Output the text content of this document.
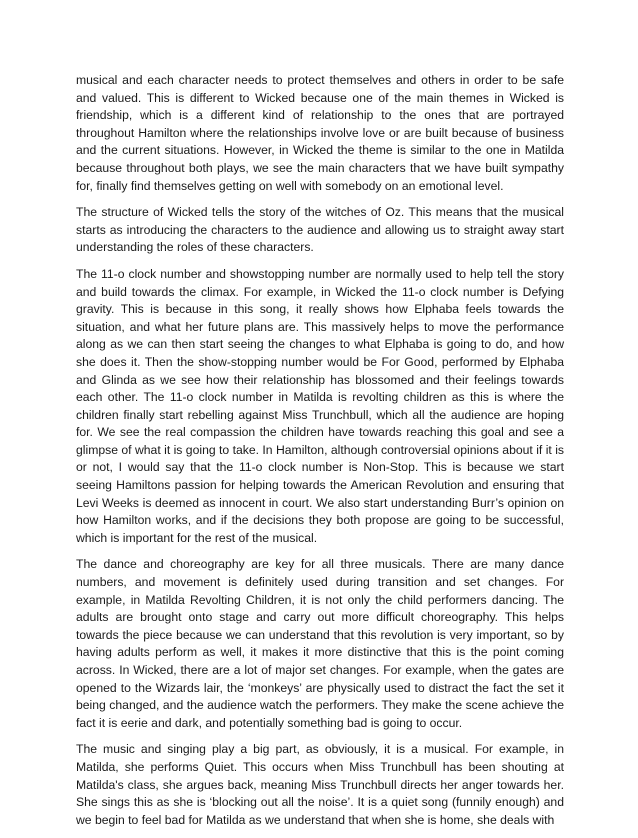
musical and each character needs to protect themselves and others in order to be safe and valued. This is different to Wicked because one of the main themes in Wicked is friendship, which is a different kind of relationship to the ones that are portrayed throughout Hamilton where the relationships involve love or are built because of business and the current situations. However, in Wicked the theme is similar to the one in Matilda because throughout both plays, we see the main characters that we have built sympathy for, finally find themselves getting on well with somebody on an emotional level.

The structure of Wicked tells the story of the witches of Oz. This means that the musical starts as introducing the characters to the audience and allowing us to straight away start understanding the roles of these characters.

The 11-o clock number and showstopping number are normally used to help tell the story and build towards the climax. For example, in Wicked the 11-o clock number is Defying gravity. This is because in this song, it really shows how Elphaba feels towards the situation, and what her future plans are. This massively helps to move the performance along as we can then start seeing the changes to what Elphaba is going to do, and how she does it. Then the show-stopping number would be For Good, performed by Elphaba and Glinda as we see how their relationship has blossomed and their feelings towards each other. The 11-o clock number in Matilda is revolting children as this is where the children finally start rebelling against Miss Trunchbull, which all the audience are hoping for. We see the real compassion the children have towards reaching this goal and see a glimpse of what it is going to take. In Hamilton, although controversial opinions about if it is or not, I would say that the 11-o clock number is Non-Stop. This is because we start seeing Hamiltons passion for helping towards the American Revolution and ensuring that Levi Weeks is deemed as innocent in court. We also start understanding Burr’s opinion on how Hamilton works, and if the decisions they both propose are going to be successful, which is important for the rest of the musical.

The dance and choreography are key for all three musicals. There are many dance numbers, and movement is definitely used during transition and set changes. For example, in Matilda Revolting Children, it is not only the child performers dancing. The adults are brought onto stage and carry out more difficult choreography. This helps towards the piece because we can understand that this revolution is very important, so by having adults perform as well, it makes it more distinctive that this is the point coming across. In Wicked, there are a lot of major set changes. For example, when the gates are opened to the Wizards lair, the ‘monkeys’ are physically used to distract the fact the set it being changed, and the audience watch the performers. They make the scene achieve the fact it is eerie and dark, and potentially something bad is going to occur.

The music and singing play a big part, as obviously, it is a musical. For example, in Matilda, she performs Quiet. This occurs when Miss Trunchbull has been shouting at Matilda's class, she argues back, meaning Miss Trunchbull directs her anger towards her. She sings this as she is ‘blocking out all the noise’. It is a quiet song (funnily enough) and we begin to feel bad for Matilda as we understand that when she is home, she deals with
